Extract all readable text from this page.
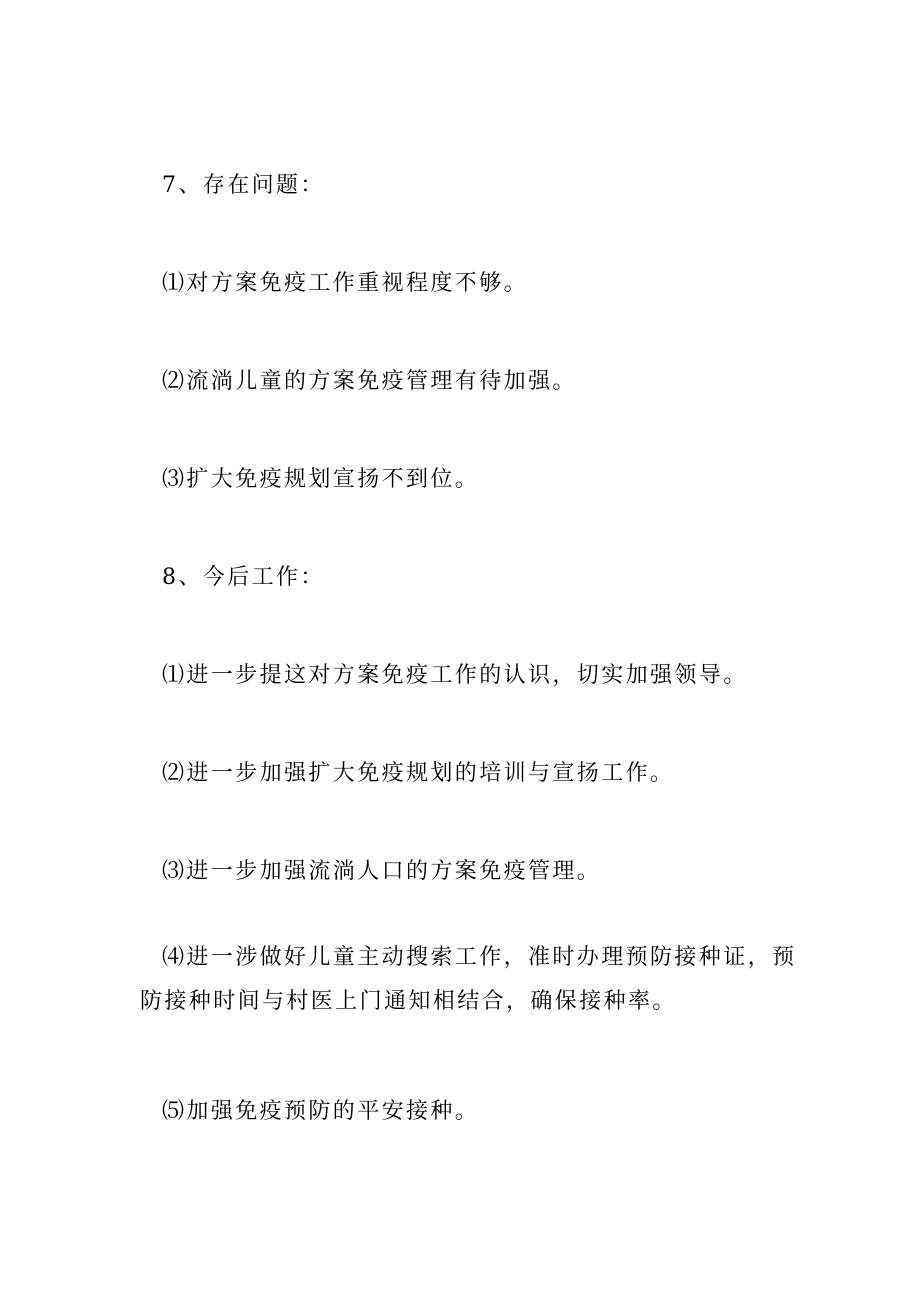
7、存在问题：

⑴对方案免疫工作重视程度不够。

⑵流淌儿童的方案免疫管理有待加强。

⑶扩大免疫规划宣扬不到位。

8、今后工作：

⑴进一步提这对方案免疫工作的认识，切实加强领导。

⑵进一步加强扩大免疫规划的培训与宣扬工作。

⑶进一步加强流淌人口的方案免疫管理。

⑷进一涉做好儿童主动搜索工作，准时办理预防接种证，预防接种时间与村医上门通知相结合，确保接种率。

⑸加强免疫预防的平安接种。
